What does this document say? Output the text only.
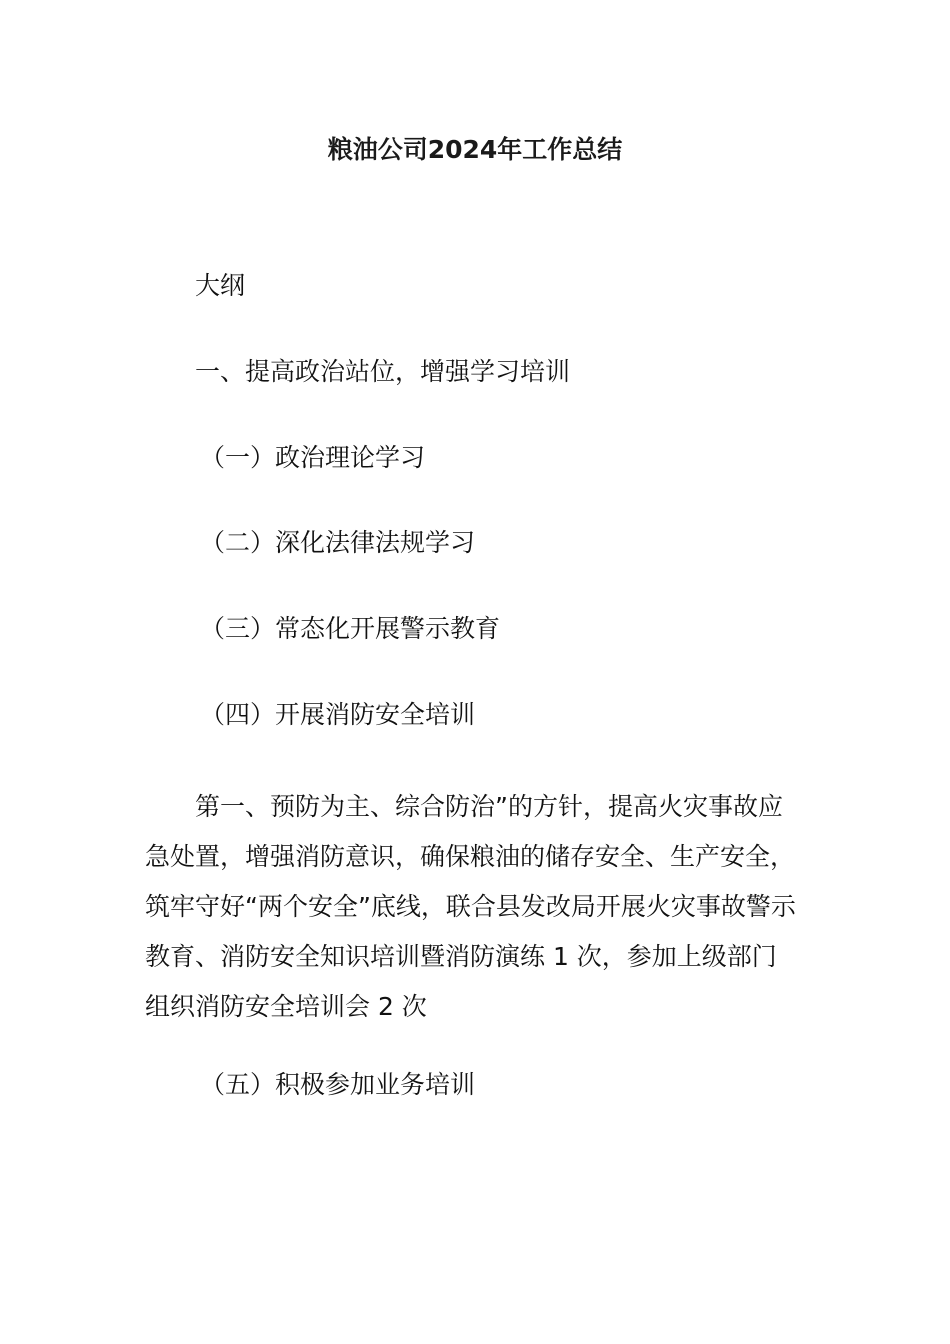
粮油公司2024年工作总结
大纲
一、提高政治站位，增强学习培训
（一）政治理论学习
（二）深化法律法规学习
（三）常态化开展警示教育
（四）开展消防安全培训
第一、预防为主、综合防治”的方针，提高火灾事故应
急处置，增强消防意识，确保粮油的储存安全、生产安全，
筑牢守好“两个安全”底线，联合县发改局开展火灾事故警示
教育、消防安全知识培训暨消防演练 1 次，参加上级部门
组织消防安全培训会 2 次
（五）积极参加业务培训
